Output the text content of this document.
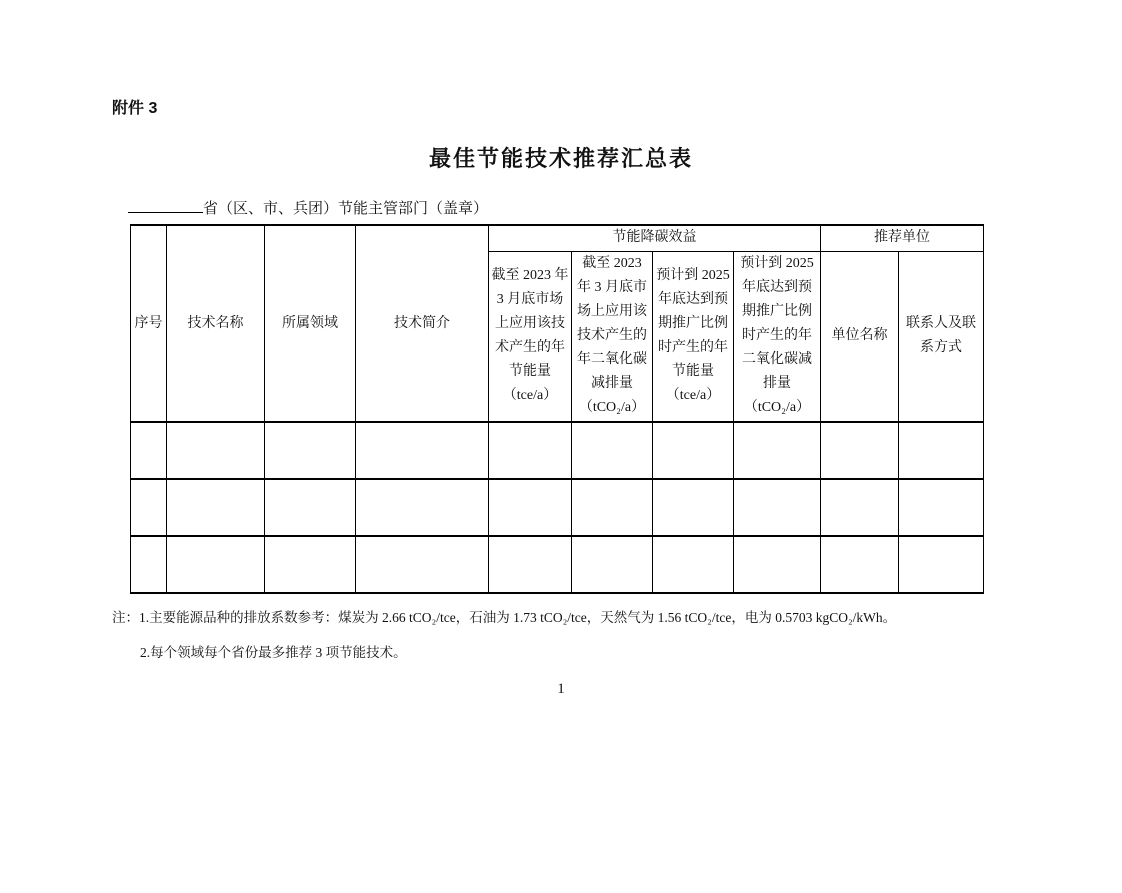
附件 3
最佳节能技术推荐汇总表
省（区、市、兵团）节能主管部门（盖章）
序号	技术名称	所属领域	技术简介	节能降碳效益				推荐单位	
				截至 2023 年 3 月底市场上应用该技术产生的年节能量（tce/a）	截至 2023 年 3 月底市场上应用该技术产生的年二氧化碳减排量（tCO₂/a）	预计到 2025 年底达到预期推广比例时产生的年节能量（tce/a）	预计到 2025 年底达到预期推广比例时产生的年二氧化碳减排量（tCO₂/a）	单位名称	联系人及联系方式

注：1.主要能源品种的排放系数参考：煤炭为 2.66 tCO₂/tce，石油为 1.73 tCO₂/tce，天然气为 1.56 tCO₂/tce，电为 0.5703 kgCO₂/kWh。
2.每个领域每个省份最多推荐 3 项节能技术。
1
